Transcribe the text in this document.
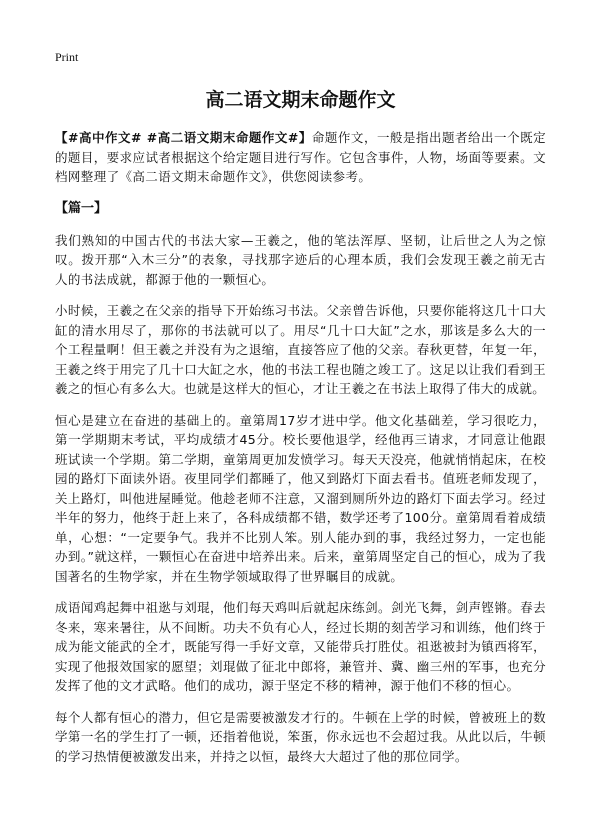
Print
高二语文期末命题作文

【#高中作文# #高二语文期末命题作文#】命题作文，一般是指出题者给出一个既定的题目，要求应试者根据这个给定题目进行写作。它包含事件，人物，场面等要素。文档网整理了《高二语文期末命题作文》，供您阅读参考。

【篇一】

我们熟知的中国古代的书法大家—王羲之，他的笔法浑厚、坚韧，让后世之人为之惊叹。拨开那“入木三分”的表象，寻找那字迹后的心理本质，我们会发现王羲之前无古人的书法成就，都源于他的一颗恒心。

小时候，王羲之在父亲的指导下开始练习书法。父亲曾告诉他，只要你能将这几十口大缸的清水用尽了，那你的书法就可以了。用尽“几十口大缸”之水，那该是多么大的一个工程量啊！但王羲之并没有为之退缩，直接答应了他的父亲。春秋更替，年复一年，王羲之终于用完了几十口大缸之水，他的书法工程也随之竣工了。这足以让我们看到王羲之的恒心有多么大。也就是这样大的恒心，才让王羲之在书法上取得了伟大的成就。

恒心是建立在奋进的基础上的。童第周17岁才进中学。他文化基础差，学习很吃力，第一学期期末考试，平均成绩才45分。校长要他退学，经他再三请求，才同意让他跟班试读一个学期。第二学期，童第周更加发愤学习。每天天没亮，他就悄悄起床，在校园的路灯下面读外语。夜里同学们都睡了，他又到路灯下面去看书。值班老师发现了，关上路灯，叫他进屋睡觉。他趁老师不注意，又溜到厕所外边的路灯下面去学习。经过半年的努力，他终于赶上来了，各科成绩都不错，数学还考了100分。童第周看着成绩单，心想：“一定要争气。我并不比别人笨。别人能办到的事，我经过努力，一定也能办到。”就这样，一颗恒心在奋进中培养出来。后来，童第周坚定自己的恒心，成为了我国著名的生物学家，并在生物学领域取得了世界瞩目的成就。

成语闻鸡起舞中祖逖与刘琨，他们每天鸡叫后就起床练剑。剑光飞舞，剑声铿锵。春去冬来，寒来暑往，从不间断。功夫不负有心人，经过长期的刻苦学习和训练，他们终于成为能文能武的全才，既能写得一手好文章，又能带兵打胜仗。祖逖被封为镇西将军，实现了他报效国家的愿望；刘琨做了征北中郎将，兼管并、冀、幽三州的军事，也充分发挥了他的文才武略。他们的成功，源于坚定不移的精神，源于他们不移的恒心。

每个人都有恒心的潜力，但它是需要被激发才行的。牛顿在上学的时候，曾被班上的数学第一名的学生打了一顿，还指着他说，笨蛋，你永远也不会超过我。从此以后，牛顿的学习热情便被激发出来，并持之以恒，最终大大超过了他的那位同学。
